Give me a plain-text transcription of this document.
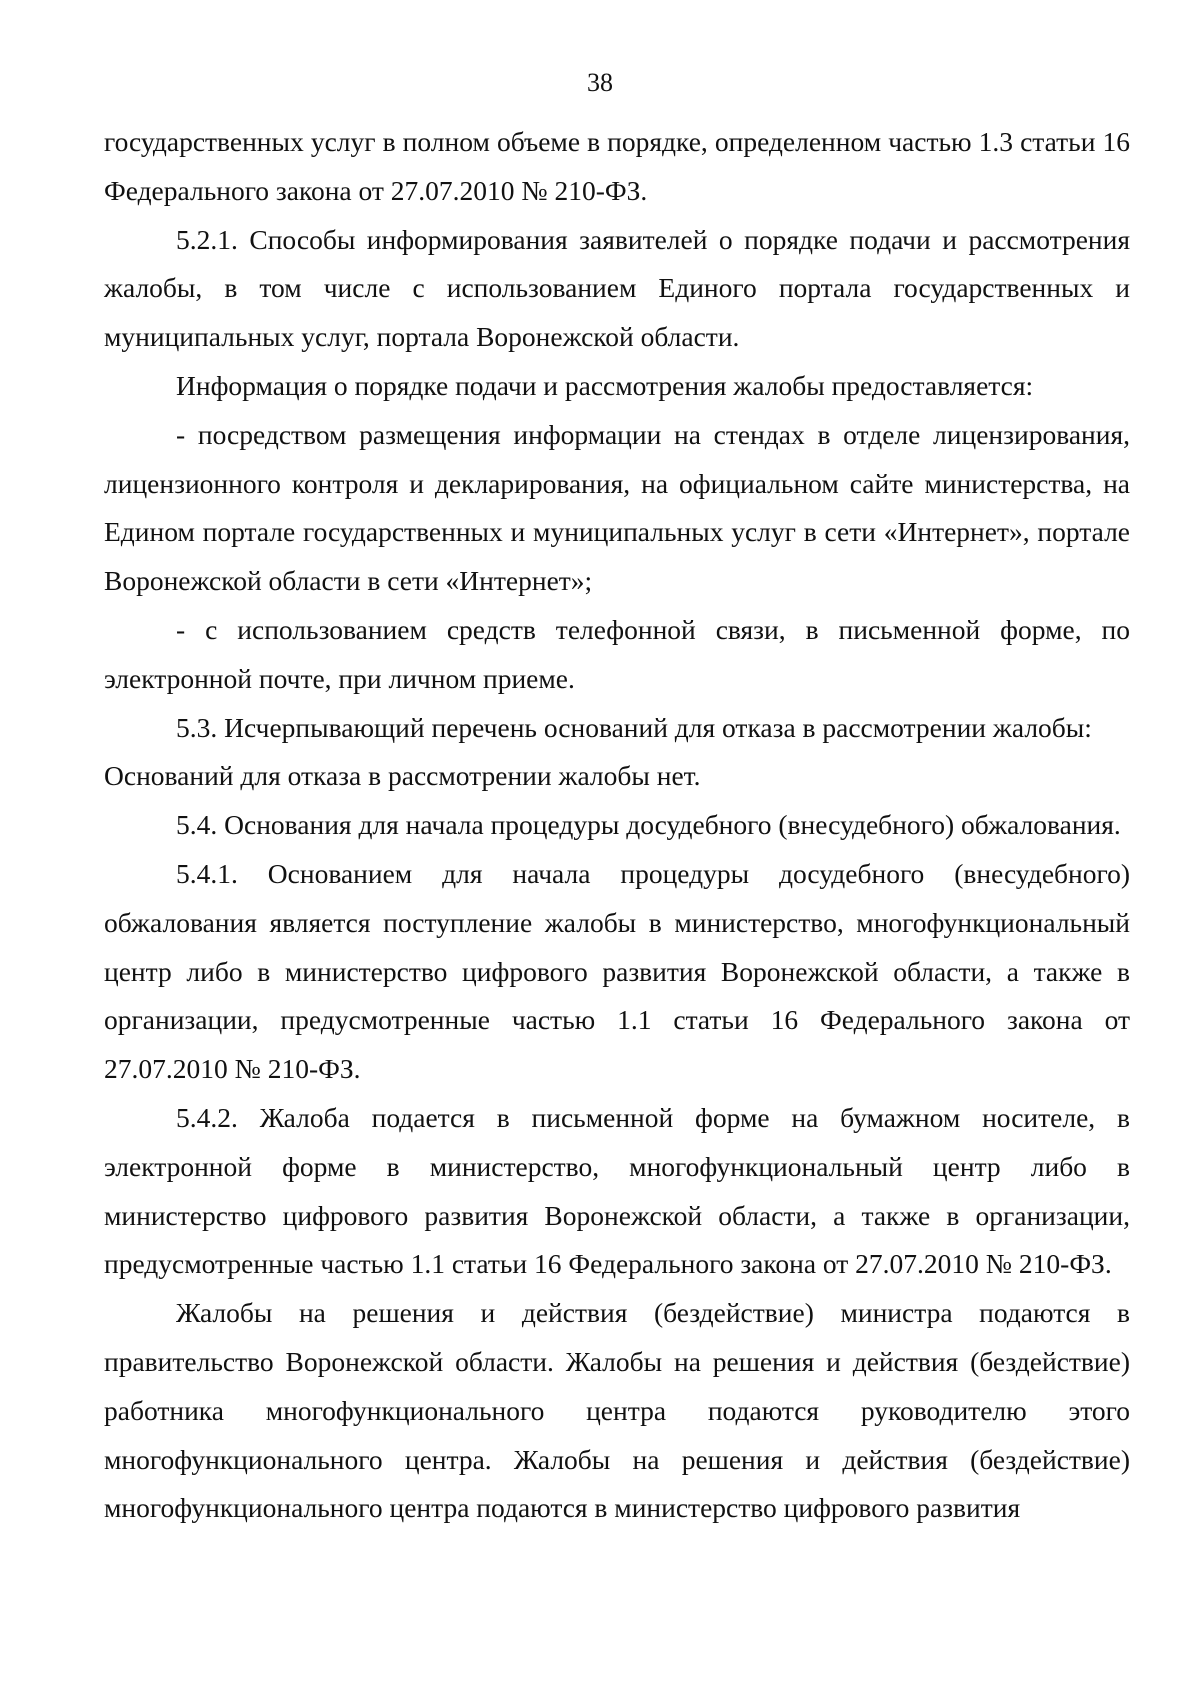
38

государственных услуг в полном объеме в порядке, определенном частью 1.3 статьи 16 Федерального закона от 27.07.2010 № 210-ФЗ.

5.2.1. Способы информирования заявителей о порядке подачи и рассмотрения жалобы, в том числе с использованием Единого портала государственных и муниципальных услуг, портала Воронежской области.

Информация о порядке подачи и рассмотрения жалобы предоставляется:

- посредством размещения информации на стендах в отделе лицензирования, лицензионного контроля и декларирования, на официальном сайте министерства, на Едином портале государственных и муниципальных услуг в сети «Интернет», портале Воронежской области в сети «Интернет»;

- с использованием средств телефонной связи, в письменной форме, по электронной почте, при личном приеме.

5.3. Исчерпывающий перечень оснований для отказа в рассмотрении жалобы:

Оснований для отказа в рассмотрении жалобы нет.

5.4. Основания для начала процедуры досудебного (внесудебного) обжалования.

5.4.1. Основанием для начала процедуры досудебного (внесудебного) обжалования является поступление жалобы в министерство, многофункциональный центр либо в министерство цифрового развития Воронежской области, а также в организации, предусмотренные частью 1.1 статьи 16 Федерального закона от 27.07.2010 № 210-ФЗ.

5.4.2. Жалоба подается в письменной форме на бумажном носителе, в электронной форме в министерство, многофункциональный центр либо в министерство цифрового развития Воронежской области, а также в организации, предусмотренные частью 1.1 статьи 16 Федерального закона от 27.07.2010 № 210-ФЗ.

Жалобы на решения и действия (бездействие) министра подаются в правительство Воронежской области. Жалобы на решения и действия (бездействие) работника многофункционального центра подаются руководителю этого многофункционального центра. Жалобы на решения и действия (бездействие) многофункционального центра подаются в министерство цифрового развития
